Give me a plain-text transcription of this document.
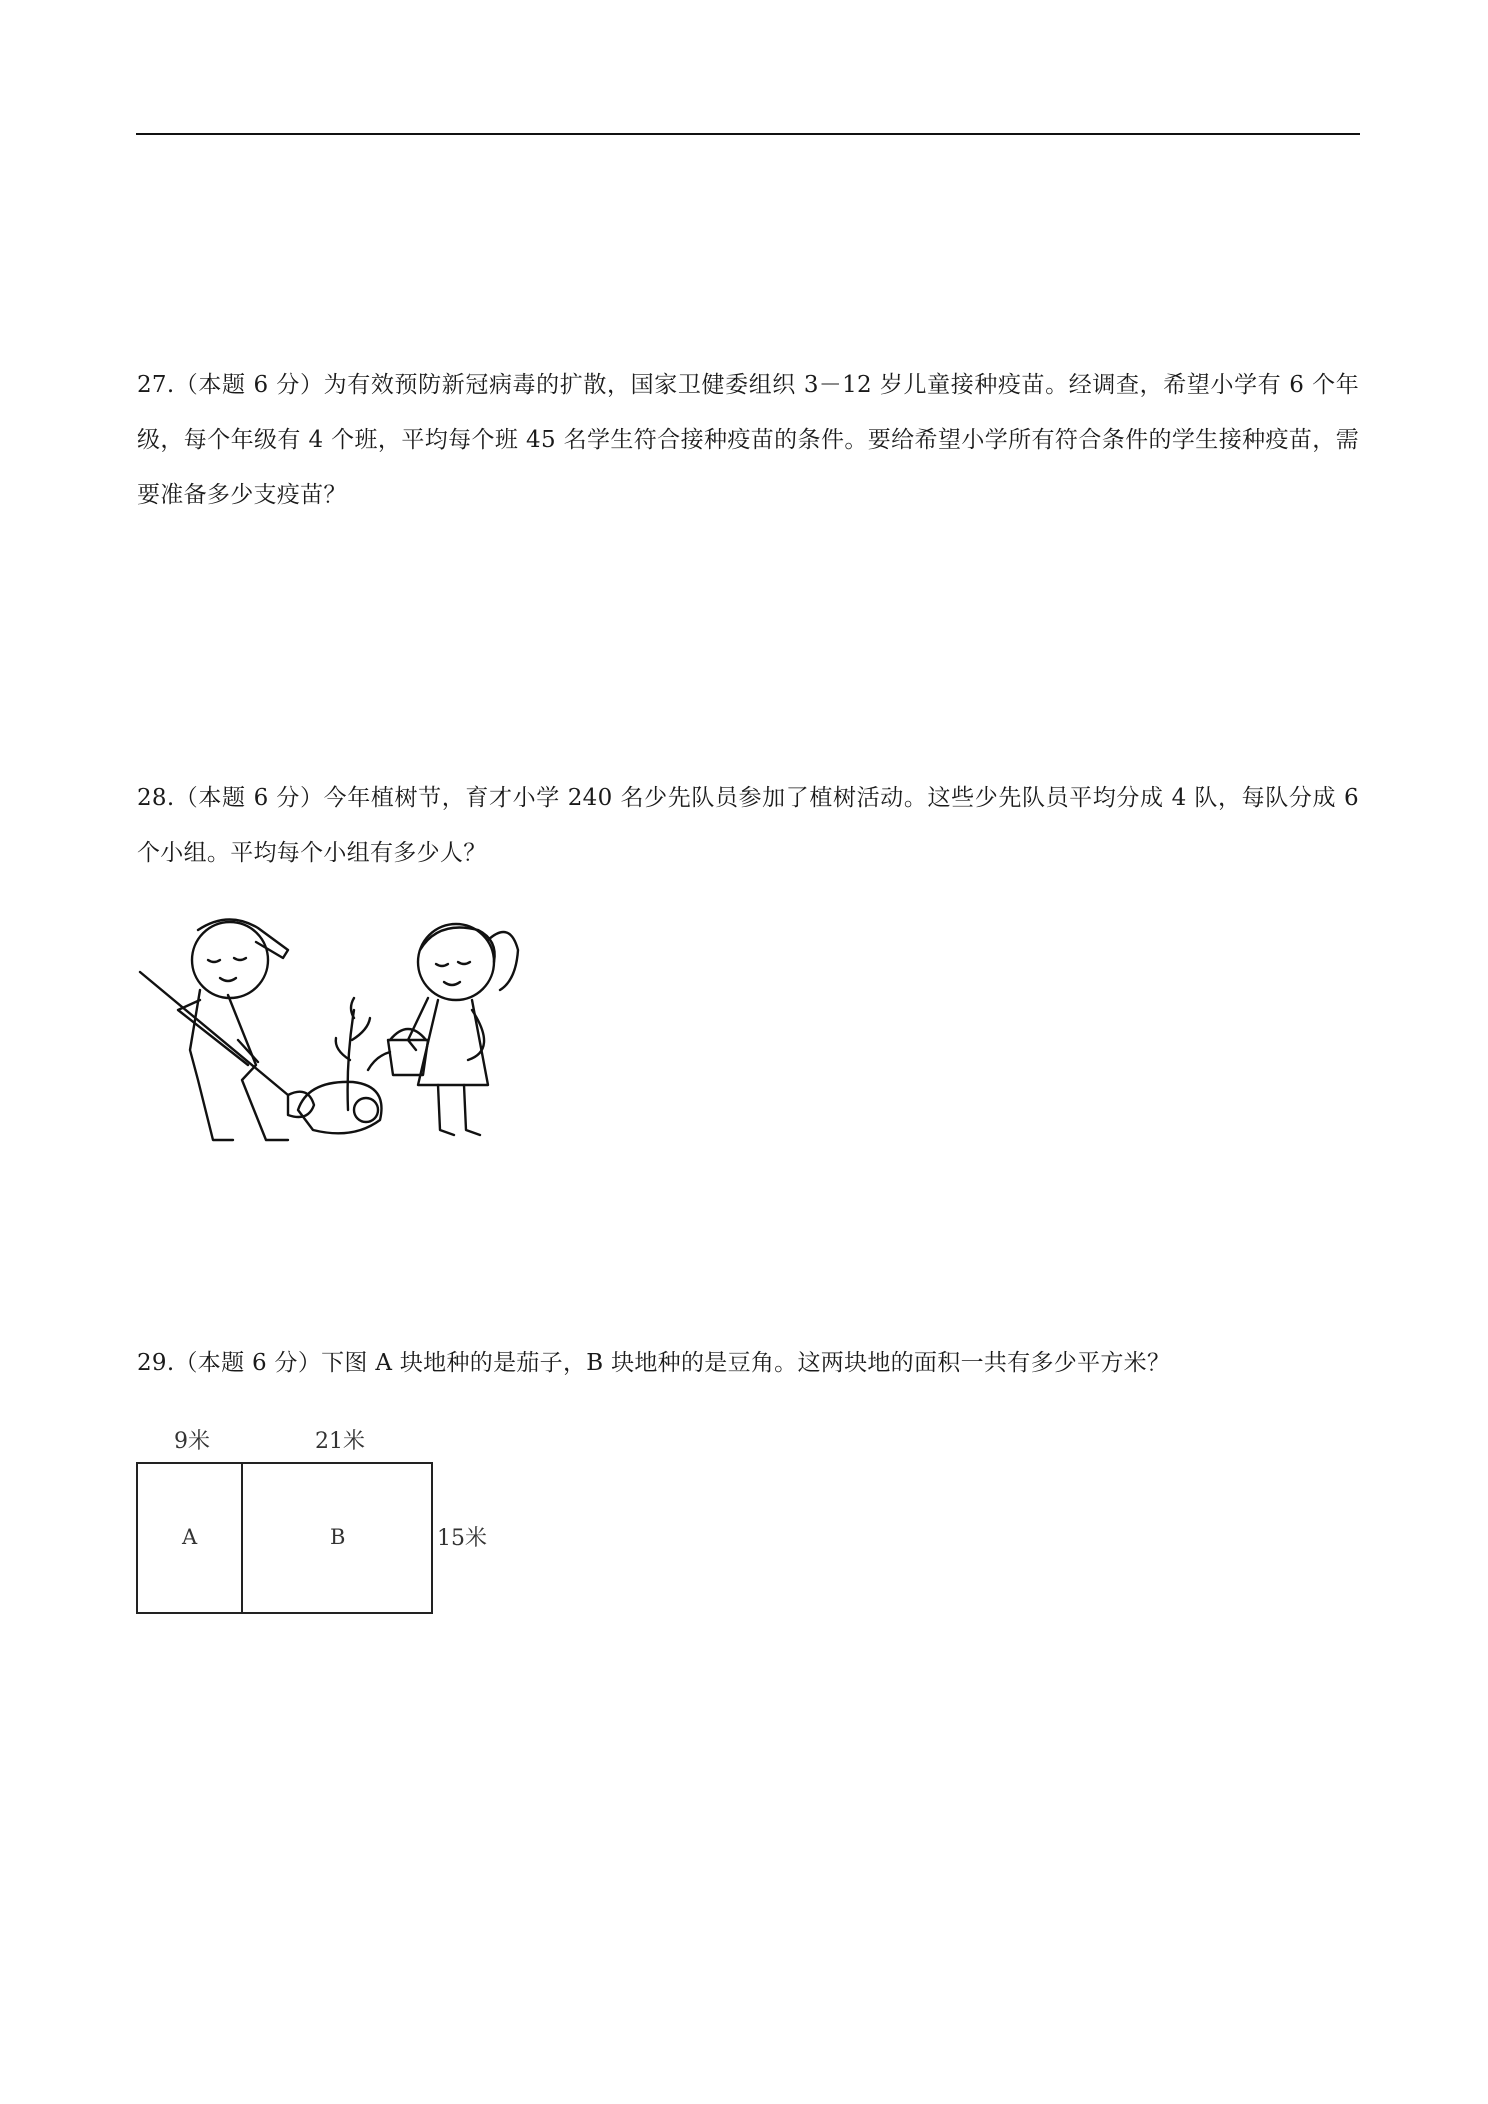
27.（本题 6 分）为有效预防新冠病毒的扩散，国家卫健委组织 3－12 岁儿童接种疫苗。经调查，希望小学有 6 个年级，每个年级有 4 个班，平均每个班 45 名学生符合接种疫苗的条件。要给希望小学所有符合条件的学生接种疫苗，需要准备多少支疫苗？
28.（本题 6 分）今年植树节，育才小学 240 名少先队员参加了植树活动。这些少先队员平均分成 4 队，每队分成 6 个小组。平均每个小组有多少人？
29.（本题 6 分）下图 A 块地种的是茄子，B 块地种的是豆角。这两块地的面积一共有多少平方米？
9米	21米
15米
A	B
